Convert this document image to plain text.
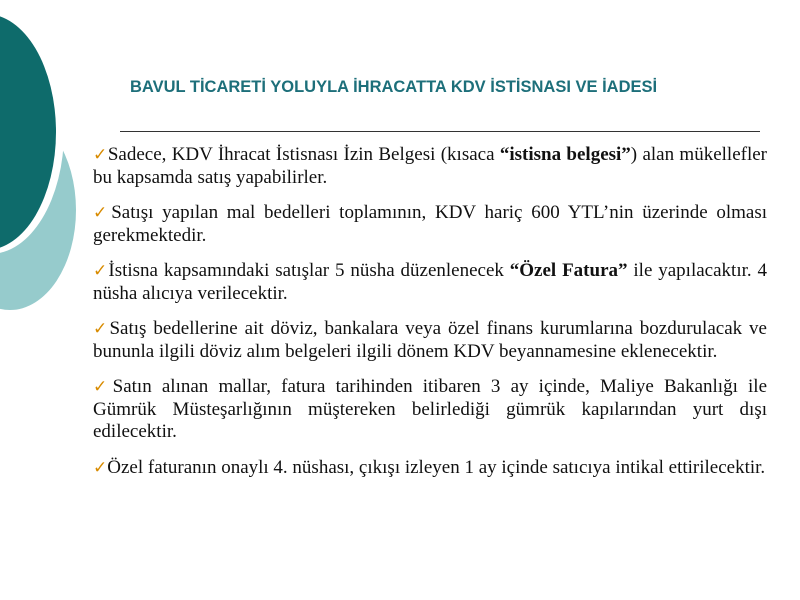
BAVUL TİCARETİ YOLUYLA İHRACATTA KDV İSTİSNASI VE İADESİ
✓Sadece, KDV İhracat İstisnası İzin Belgesi (kısaca “istisna belgesi”) alan mükellefler bu kapsamda satış yapabilirler.
✓Satışı yapılan mal bedelleri toplamının, KDV hariç 600 YTL’nin üzerinde olması gerekmektedir.
✓İstisna kapsamındaki satışlar 5 nüsha düzenlenecek “Özel Fatura” ile yapılacaktır. 4 nüsha alıcıya verilecektir.
✓Satış bedellerine ait döviz, bankalara veya özel finans kurumlarına bozdurulacak ve bununla ilgili döviz alım belgeleri ilgili dönem KDV beyannamesine eklenecektir.
✓Satın alınan mallar, fatura tarihinden itibaren 3 ay içinde, Maliye Bakanlığı ile Gümrük Müsteşarlığının müştereken belirlediği gümrük kapılarından yurt dışı edilecektir.
✓Özel faturanın onaylı 4. nüshası, çıkışı izleyen 1 ay içinde satıcıya intikal ettirilecektir.
